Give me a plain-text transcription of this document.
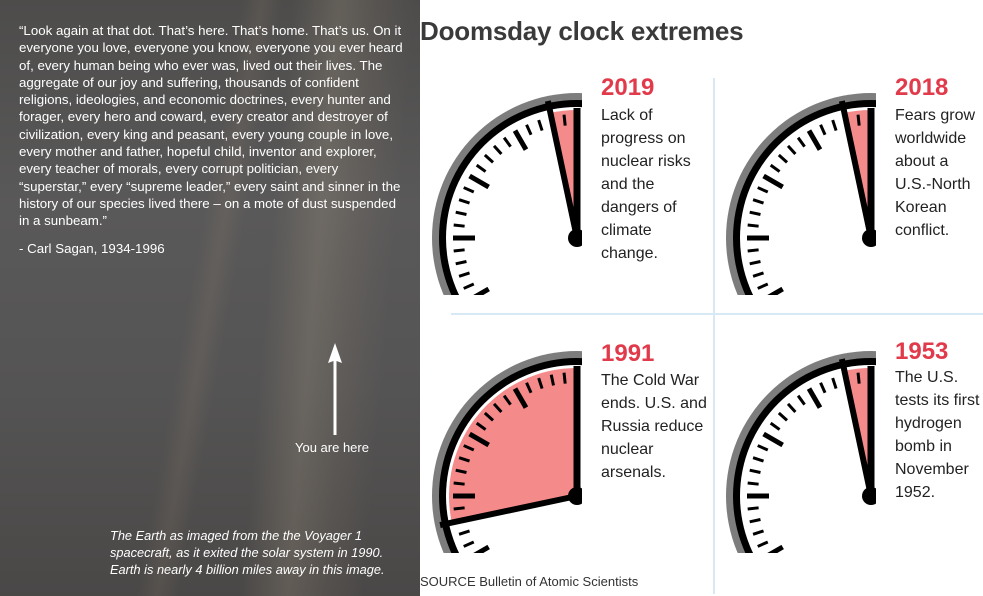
“Look again at that dot. That’s here. That’s home. That’s us. On it everyone you love, everyone you know, everyone you ever heard of, every human being who ever was, lived out their lives. The aggregate of our joy and suffering, thousands of confident religions, ideologies, and economic doctrines, every hunter and forager, every hero and coward, every creator and destroyer of civilization, every king and peasant, every young couple in love, every mother and father, hopeful child, inventor and explorer, every teacher of morals, every corrupt politician, every “superstar,” every “supreme leader,” every saint and sinner in the history of our species lived there – on a mote of dust suspended in a sunbeam.”

- Carl Sagan, 1934-1996

You are here

The Earth as imaged from the the Voyager 1 spacecraft, as it exited the solar system in 1990. Earth is nearly 4 billion miles away in this image.

Doomsday clock extremes
2019

Lack of progress on nuclear risks and the dangers of climate change.

2018

Fears grow worldwide about a U.S.-North Korean conflict.

1991

The Cold War ends. U.S. and Russia reduce nuclear arsenals.

1953

The U.S. tests its first hydrogen bomb in November 1952.

SOURCE Bulletin of Atomic Scientists
